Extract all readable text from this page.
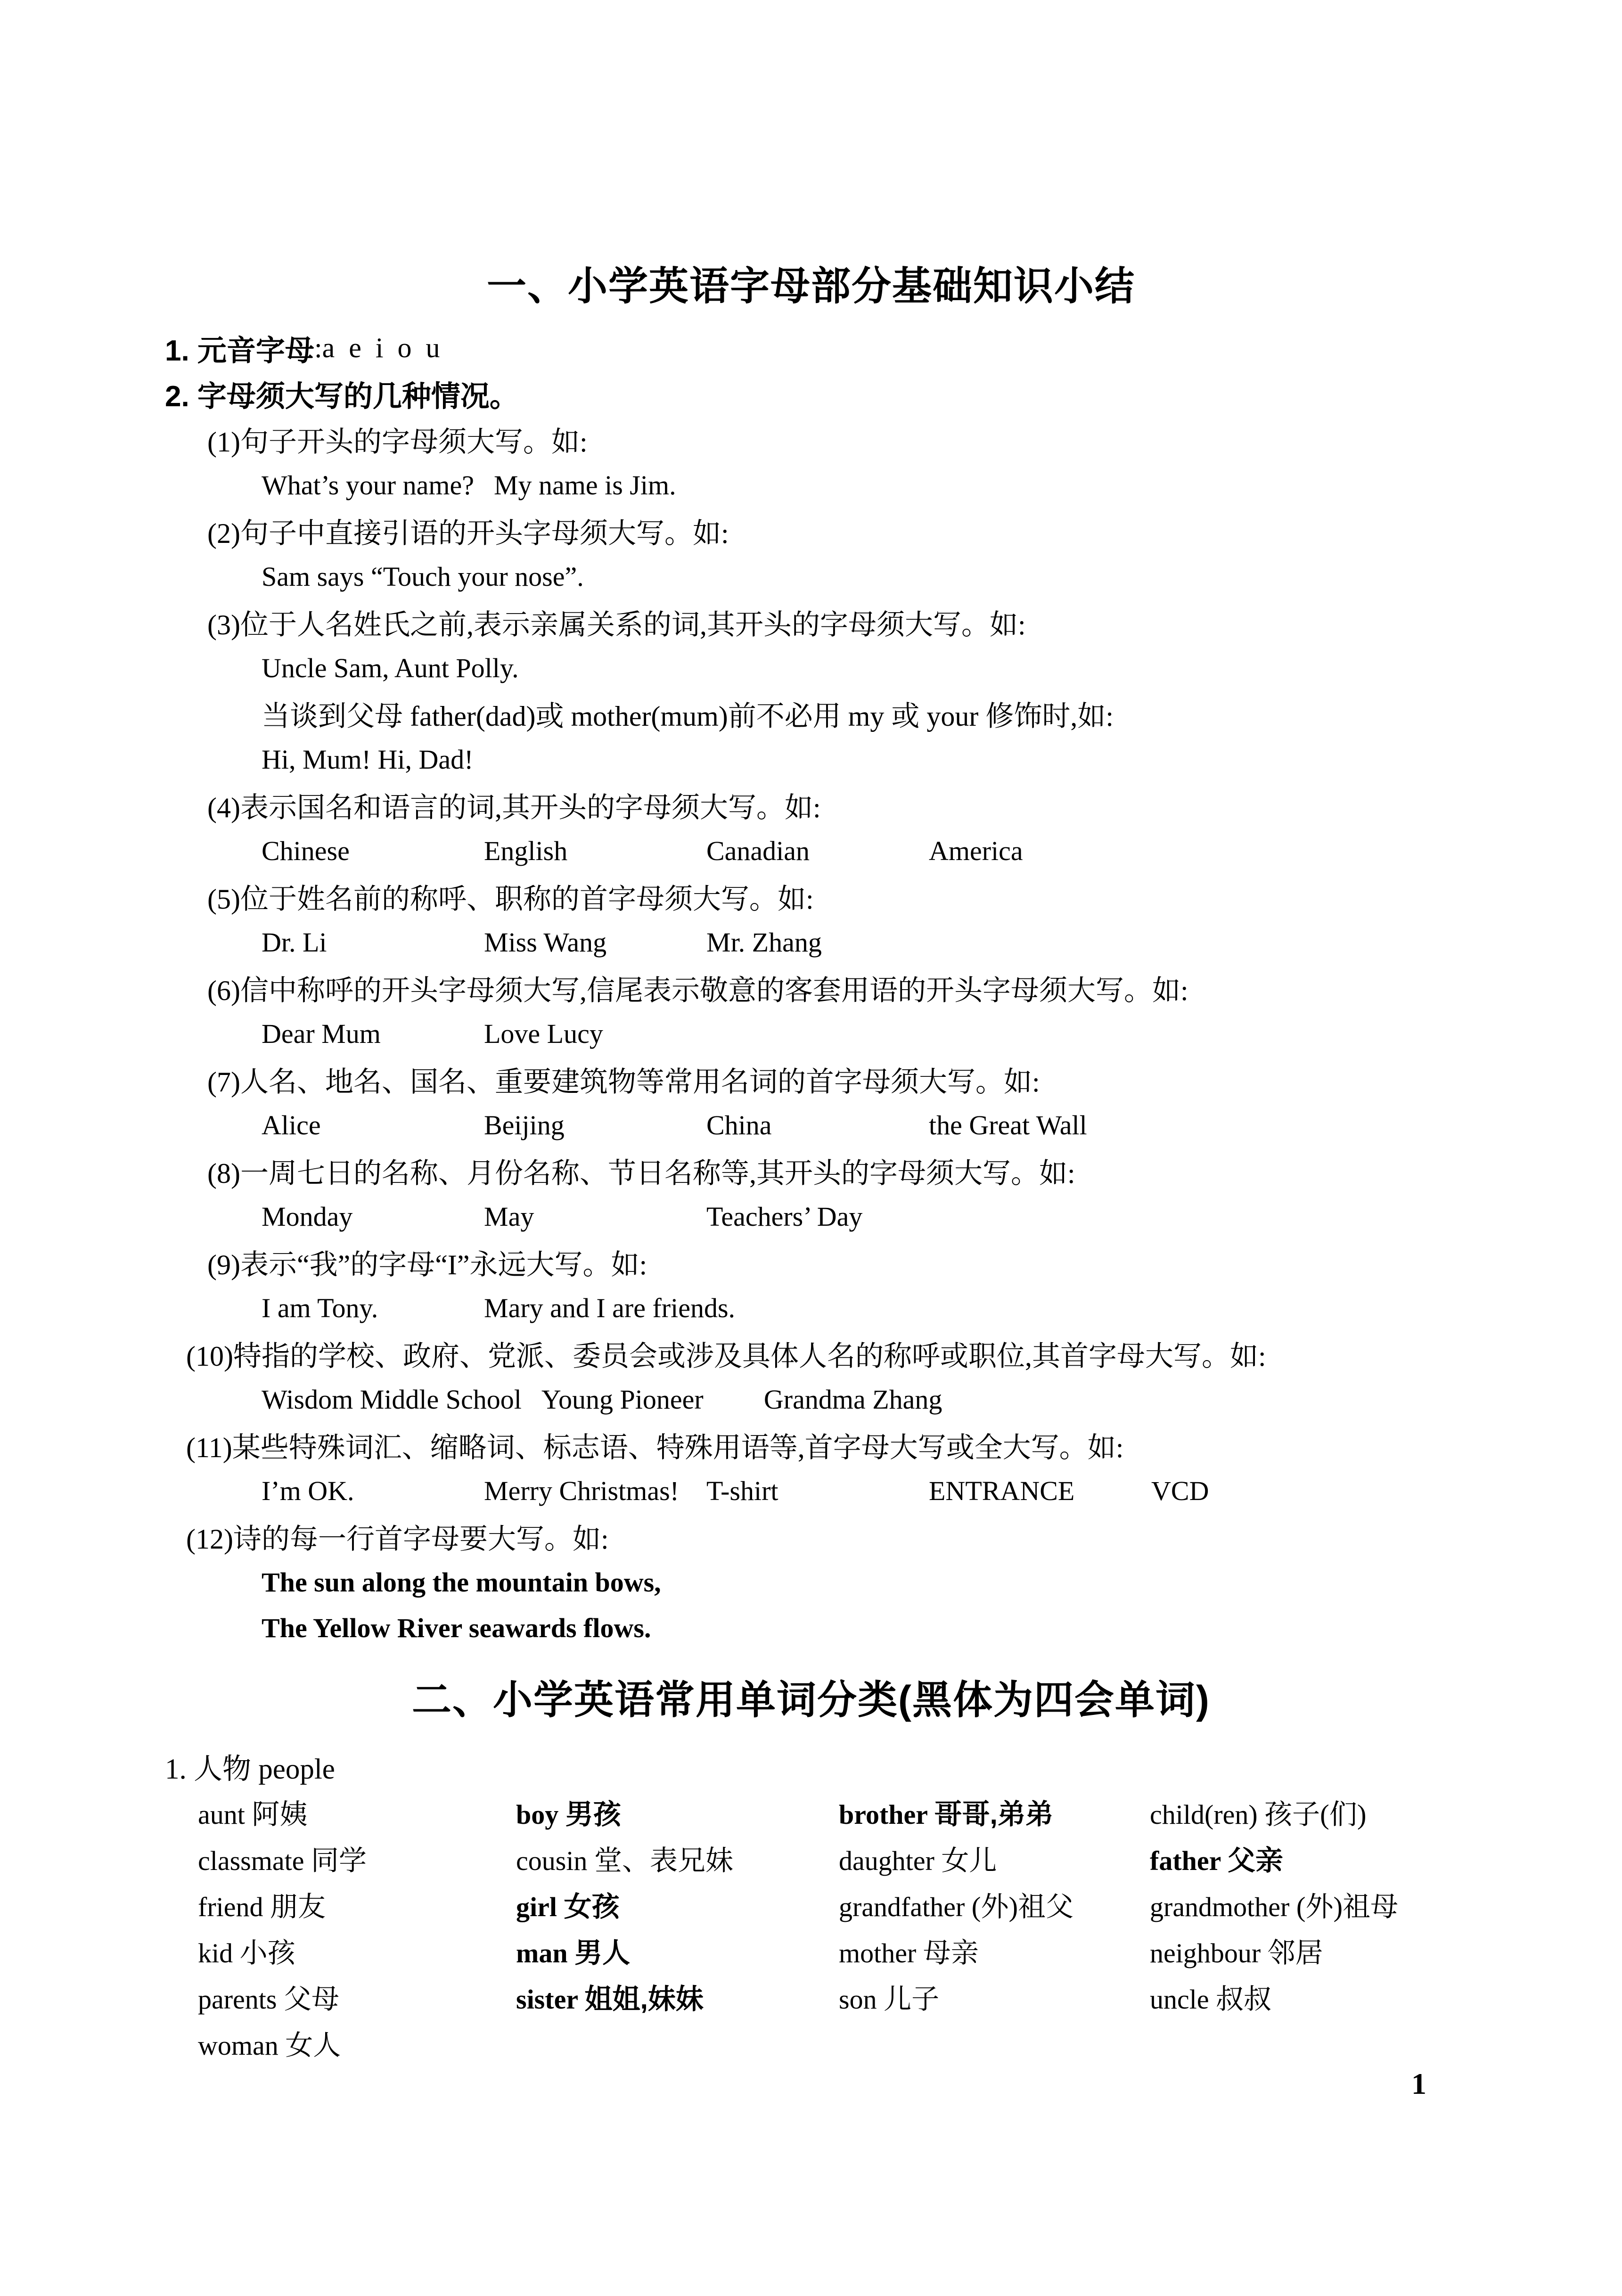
一、小学英语字母部分基础知识小结
1. 元音字母 :a  e  i  o  u
2. 字母须大写的几种情况。
(1)句子开头的字母须大写。如:
What’s your name? My name is Jim.
(2)句子中直接引语的开头字母须大写。如:
Sam says “Touch your nose”.
(3)位于人名姓氏之前,表示亲属关系的词,其开头的字母须大写。如:
Uncle Sam, Aunt Polly.
当谈到父母 father(dad)或 mother(mum)前不必用 my 或 your 修饰时,如:
Hi, Mum! Hi, Dad!
(4)表示国名和语言的词,其开头的字母须大写。如:
Chinese	English	Canadian	America
(5)位于姓名前的称呼、职称的首字母须大写。如:
Dr. Li	Miss Wang	Mr. Zhang
(6)信中称呼的开头字母须大写,信尾表示敬意的客套用语的开头字母须大写。如:
Dear Mum	Love Lucy
(7)人名、地名、国名、重要建筑物等常用名词的首字母须大写。如:
Alice	Beijing	China	the Great Wall
(8)一周七日的名称、月份名称、节日名称等,其开头的字母须大写。如:
Monday	May	Teachers’ Day
(9)表示“我”的字母“I”永远大写。如:
I am Tony.	Mary and I are friends.
(10)特指的学校、政府、党派、委员会或涉及具体人名的称呼或职位,其首字母大写。如:
Wisdom Middle School Young Pioneer	Grandma Zhang
(11)某些特殊词汇、缩略词、标志语、特殊用语等,首字母大写或全大写。如:
I’m OK.	Merry Christmas! T-shirt	ENTRANCE	VCD
(12)诗的每一行首字母要大写。如:
The sun along the mountain bows,
The Yellow River seawards flows.
二、小学英语常用单词分类(黑体为四会单词)
1. 人物 people
aunt 阿姨	boy 男孩	brother 哥哥,弟弟	child(ren) 孩子(们)
classmate 同学	cousin 堂、表兄妹	daughter 女儿	father 父亲
friend 朋友	girl 女孩	grandfather (外)祖父	grandmother (外)祖母
kid 小孩	man 男人	mother 母亲	neighbour 邻居
parents 父母	sister 姐姐,妹妹	son 儿子	uncle 叔叔
woman 女人
1
